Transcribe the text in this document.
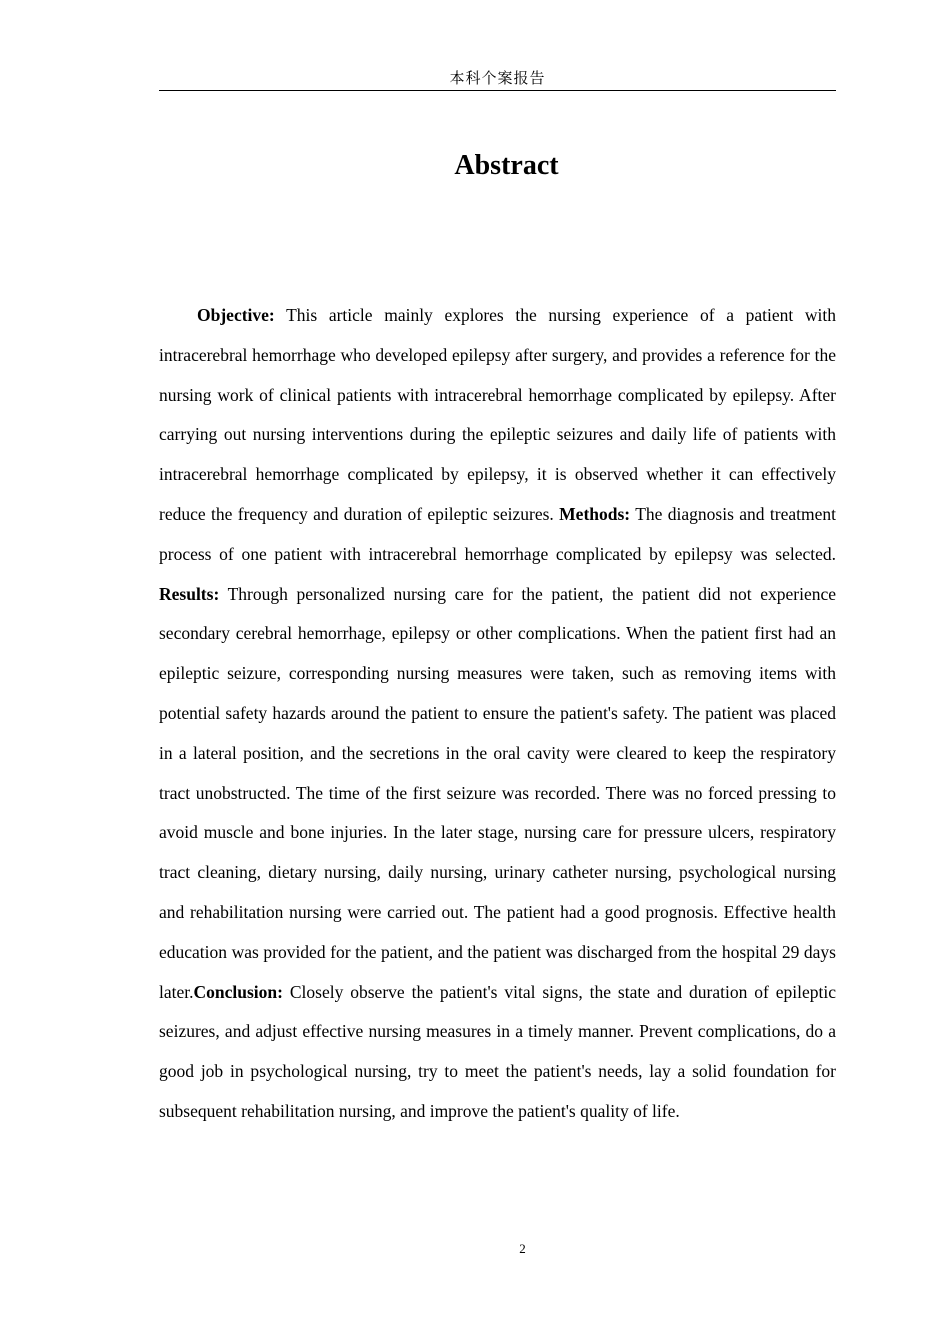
本科个案报告
Abstract

Objective: This article mainly explores the nursing experience of a patient with intracerebral hemorrhage who developed epilepsy after surgery, and provides a reference for the nursing work of clinical patients with intracerebral hemorrhage complicated by epilepsy. After carrying out nursing interventions during the epileptic seizures and daily life of patients with intracerebral hemorrhage complicated by epilepsy, it is observed whether it can effectively reduce the frequency and duration of epileptic seizures. Methods: The diagnosis and treatment process of one patient with intracerebral hemorrhage complicated by epilepsy was selected. Results: Through personalized nursing care for the patient, the patient did not experience secondary cerebral hemorrhage, epilepsy or other complications. When the patient first had an epileptic seizure, corresponding nursing measures were taken, such as removing items with potential safety hazards around the patient to ensure the patient's safety. The patient was placed in a lateral position, and the secretions in the oral cavity were cleared to keep the respiratory tract unobstructed. The time of the first seizure was recorded. There was no forced pressing to avoid muscle and bone injuries. In the later stage, nursing care for pressure ulcers, respiratory tract cleaning, dietary nursing, daily nursing, urinary catheter nursing, psychological nursing and rehabilitation nursing were carried out. The patient had a good prognosis. Effective health education was provided for the patient, and the patient was discharged from the hospital 29 days later.Conclusion: Closely observe the patient's vital signs, the state and duration of epileptic seizures, and adjust effective nursing measures in a timely manner. Prevent complications, do a good job in psychological nursing, try to meet the patient's needs, lay a solid foundation for subsequent rehabilitation nursing, and improve the patient's quality of life.

2
